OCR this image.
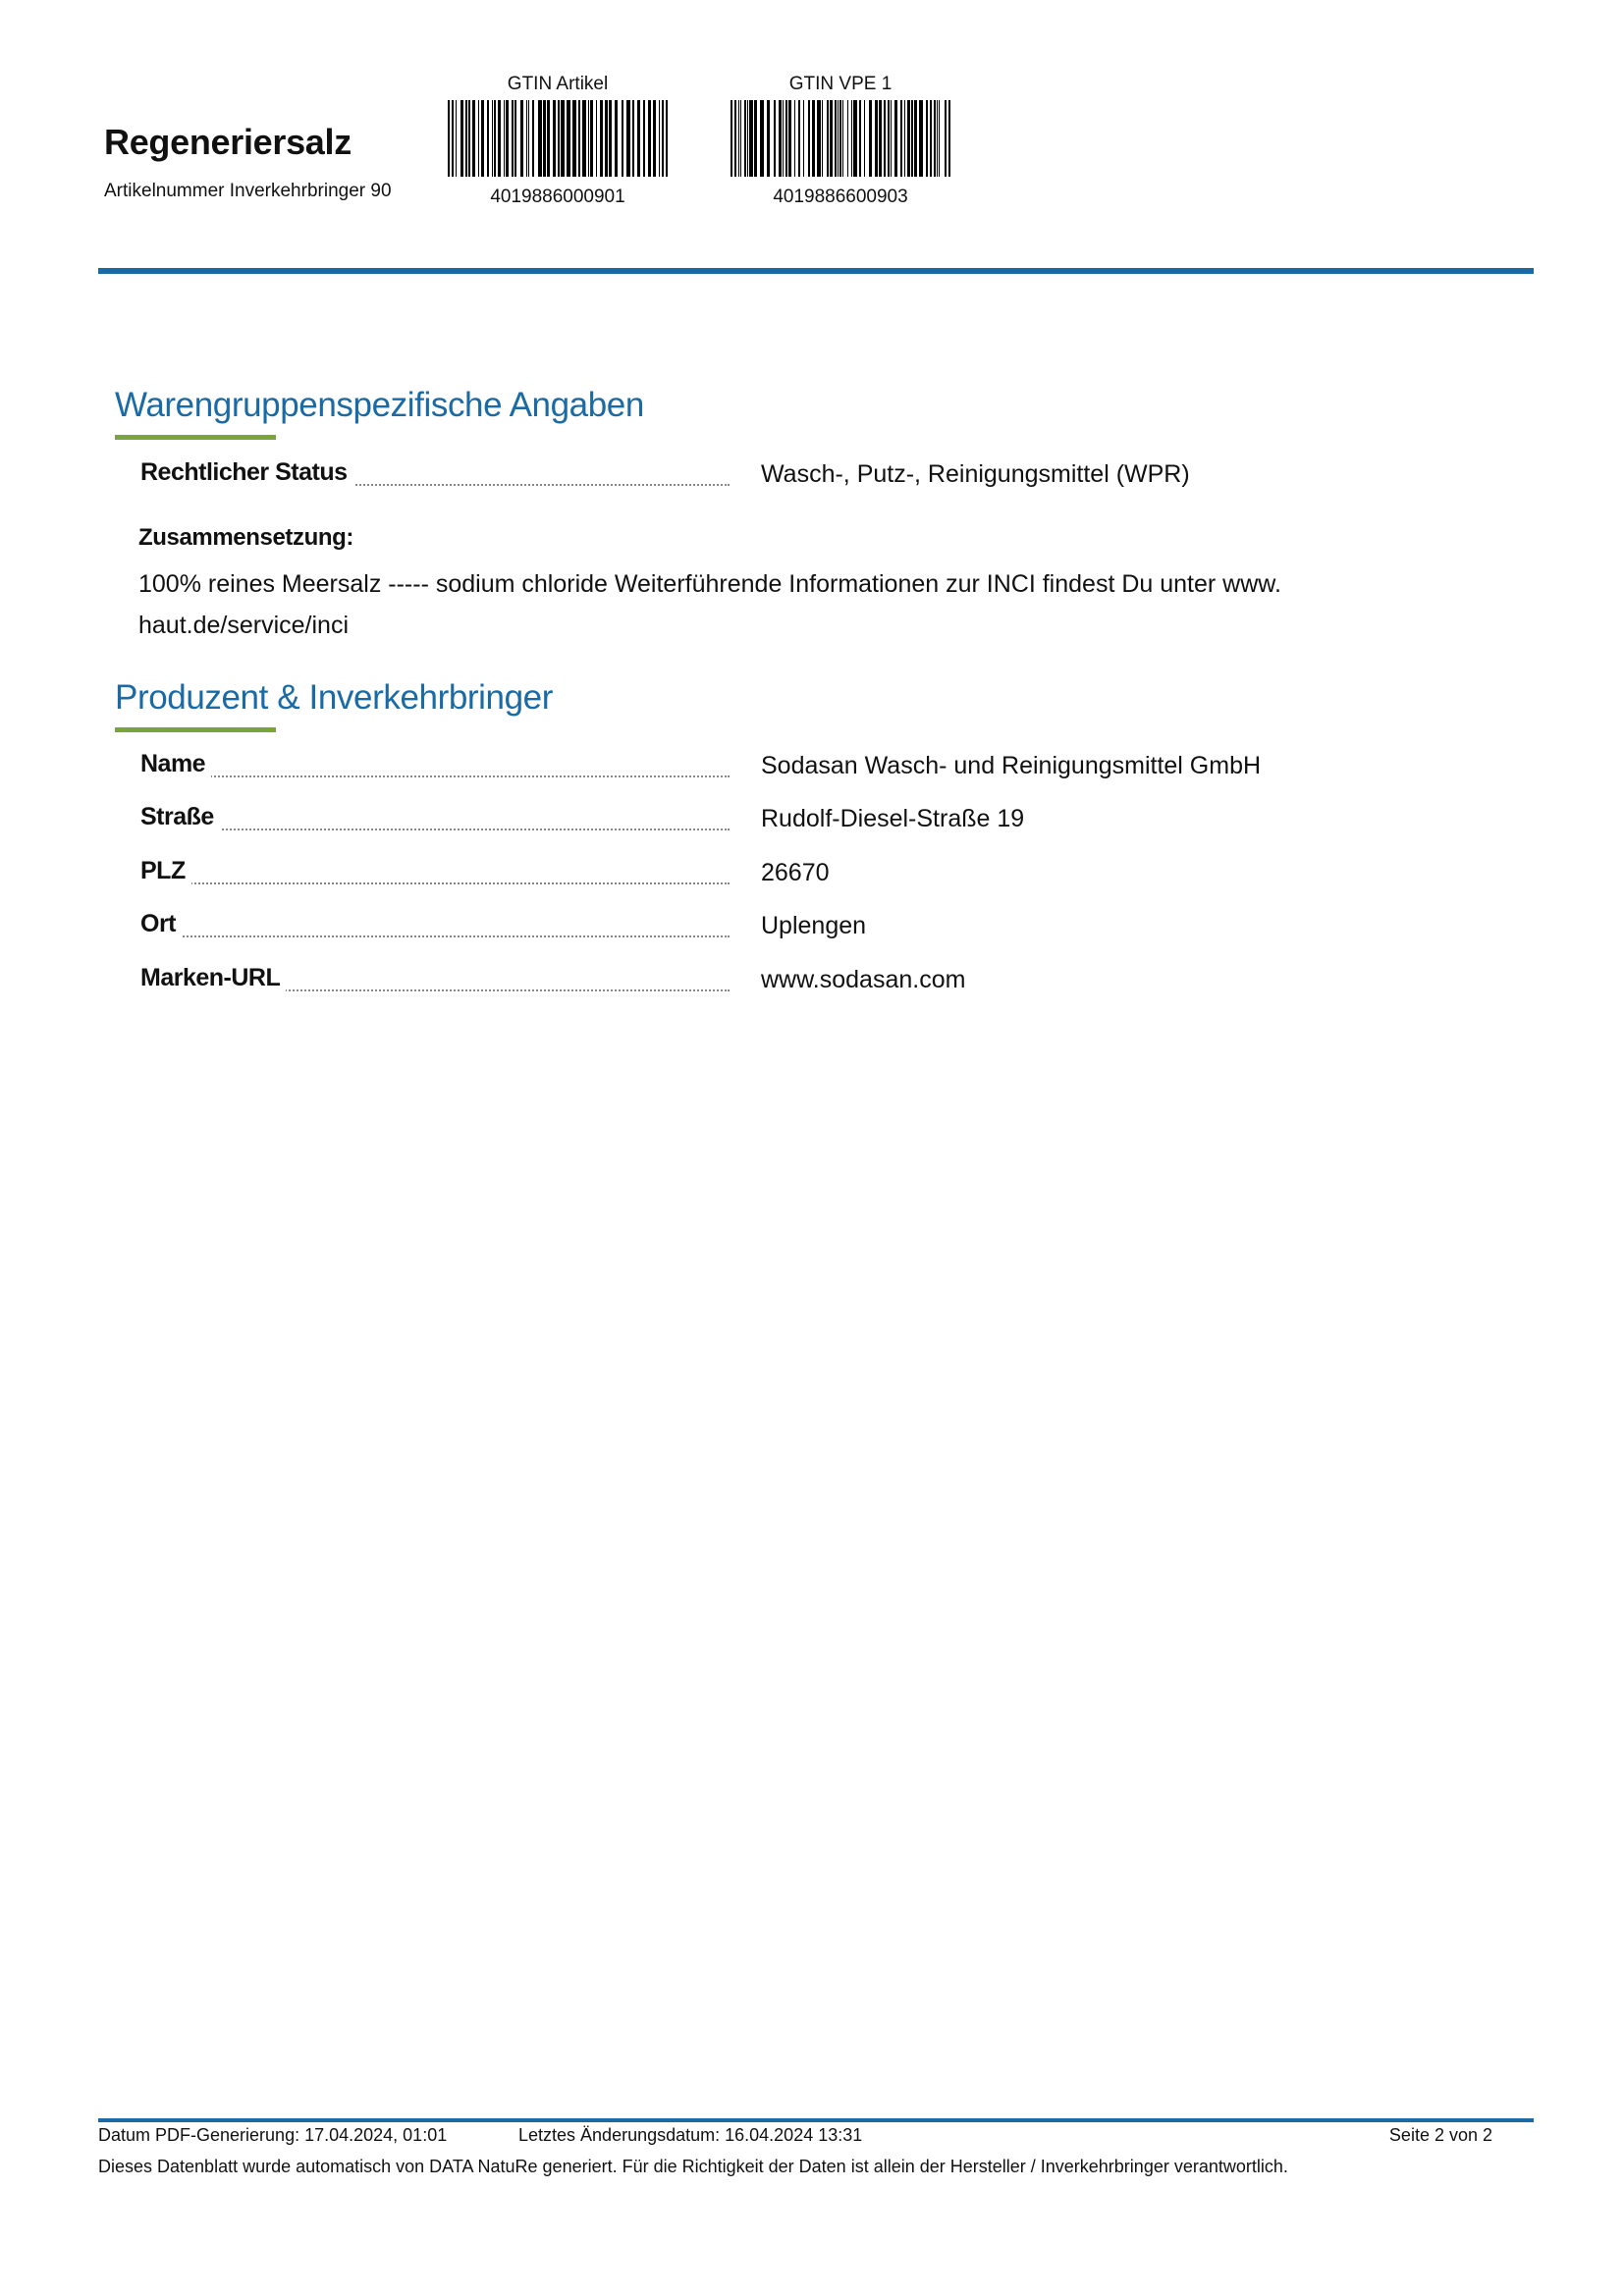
Regeneriersalz
Artikelnummer Inverkehrbringer 90
GTIN Artikel
4019886000901
GTIN VPE 1
4019886600903
Warengruppenspezifische Angaben
Rechtlicher Status	Wasch-, Putz-, Reinigungsmittel (WPR)
Zusammensetzung:
100% reines Meersalz ----- sodium chloride Weiterführende Informationen zur INCI findest Du unter www.
haut.de/service/inci
Produzent & Inverkehrbringer
Name	Sodasan Wasch- und Reinigungsmittel GmbH
Straße	Rudolf-Diesel-Straße 19
PLZ	26670
Ort	Uplengen
Marken-URL	www.sodasan.com
Datum PDF-Generierung: 17.04.2024, 01:01	Letztes Änderungsdatum: 16.04.2024 13:31	Seite 2 von 2
Dieses Datenblatt wurde automatisch von DATA NatuRe generiert. Für die Richtigkeit der Daten ist allein der Hersteller / Inverkehrbringer verantwortlich.
